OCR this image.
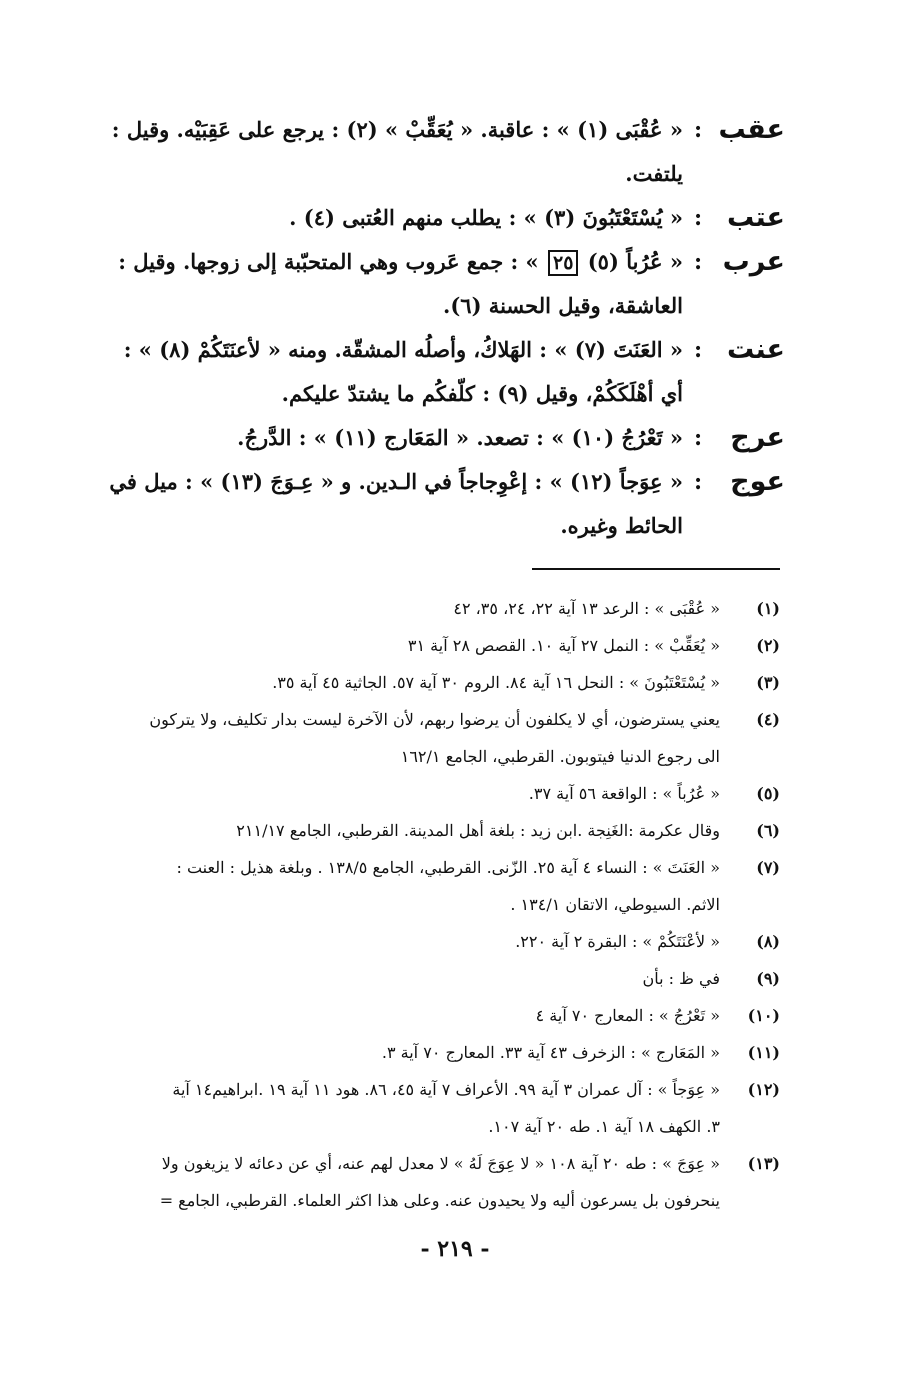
عقب
:
« عُقْبَى (١) » : عاقبة. « يُعَقِّبْ » (٢) : يرجع على عَقِبَيْه. وقيل :
يلتفت.
عتب
:
« يُسْتَعْتَبُونَ (٣) » : يطلب منهم العُتبى (٤) .
عرب
:
« عُرُباً (٥) ٢٥ » : جمع عَروب وهي المتحبّبة إلى زوجها. وقيل :
العاشقة، وقيل الحسنة (٦).
عنت
:
« العَنَتَ (٧) » : الهَلاكُ، وأصلُه المشقّة. ومنه « لأعنَتَكُمْ (٨) » :
أي أهْلَكَكُمْ، وقيل (٩) : كلّفكُم ما يشتدّ عليكم.
عرج
:
« تَعْرُجُ (١٠) » : تصعد. « المَعَارج (١١) » : الدَّرجُ.
عوج
:
« عِوَجاً (١٢) » : إعْوِجاجاً في الـدين. و « عِـوَجَ (١٣) » : ميل في
الحائط وغيره.
(١)
« عُقْبَى » : الرعد ١٣ آية ٢٢، ٢٤، ٣٥، ٤٢
(٢)
« يُعَقِّبْ » : النمل ٢٧ آية ١٠. القصص ٢٨ آية ٣١
(٣)
« يُسْتَعْتَبُونَ » : النحل ١٦ آية ٨٤. الروم ٣٠ آية ٥٧. الجاثية ٤٥ آية ٣٥.
(٤)
يعني يسترضون، أي لا يكلفون أن يرضوا ربهم، لأن الآخرة ليست بدار تكليف، ولا يتركون
الى رجوع الدنيا فيتوبون. القرطبي، الجامع ١٦٢/١
(٥)
« عُرُباً » : الواقعة ٥٦ آية ٣٧.
(٦)
وقال عكرمة :الغَنِجة .ابن زيد : بلغة أهل المدينة. القرطبي، الجامع ٢١١/١٧
(٧)
« العَنَتَ » : النساء ٤ آية ٢٥. الزّنى. القرطبي، الجامع ١٣٨/٥ . وبلغة هذيل : العنت :
الاثم. السيوطي، الاتقان ١٣٤/١ .
(٨)
« لأعْنَتَكُمْ » : البقرة ٢ آية ٢٢٠.
(٩)
في ظ : بأن
(١٠)
« تَعْرُجُ » : المعارج ٧٠ آية ٤
(١١)
« المَعَارج » : الزخرف ٤٣ آية ٣٣. المعارج ٧٠ آية ٣.
(١٢)
« عِوَجاً » : آل عمران ٣ آية ٩٩. الأعراف ٧ آية ٤٥، ٨٦. هود ١١ آية ١٩ .ابراهيم١٤ آية
٣. الكهف ١٨ آية ١. طه ٢٠ آية ١٠٧.
(١٣)
« عِوَجَ » : طه ٢٠ آية ١٠٨ « لا عِوَجَ لَهُ » لا معدل لهم عنه، أي عن دعائه لا يزيغون ولا
ينحرفون بل يسرعون أليه ولا يحيدون عنه. وعلى هذا اكثر العلماء. القرطبي، الجامع =
- ٢١٩ -
